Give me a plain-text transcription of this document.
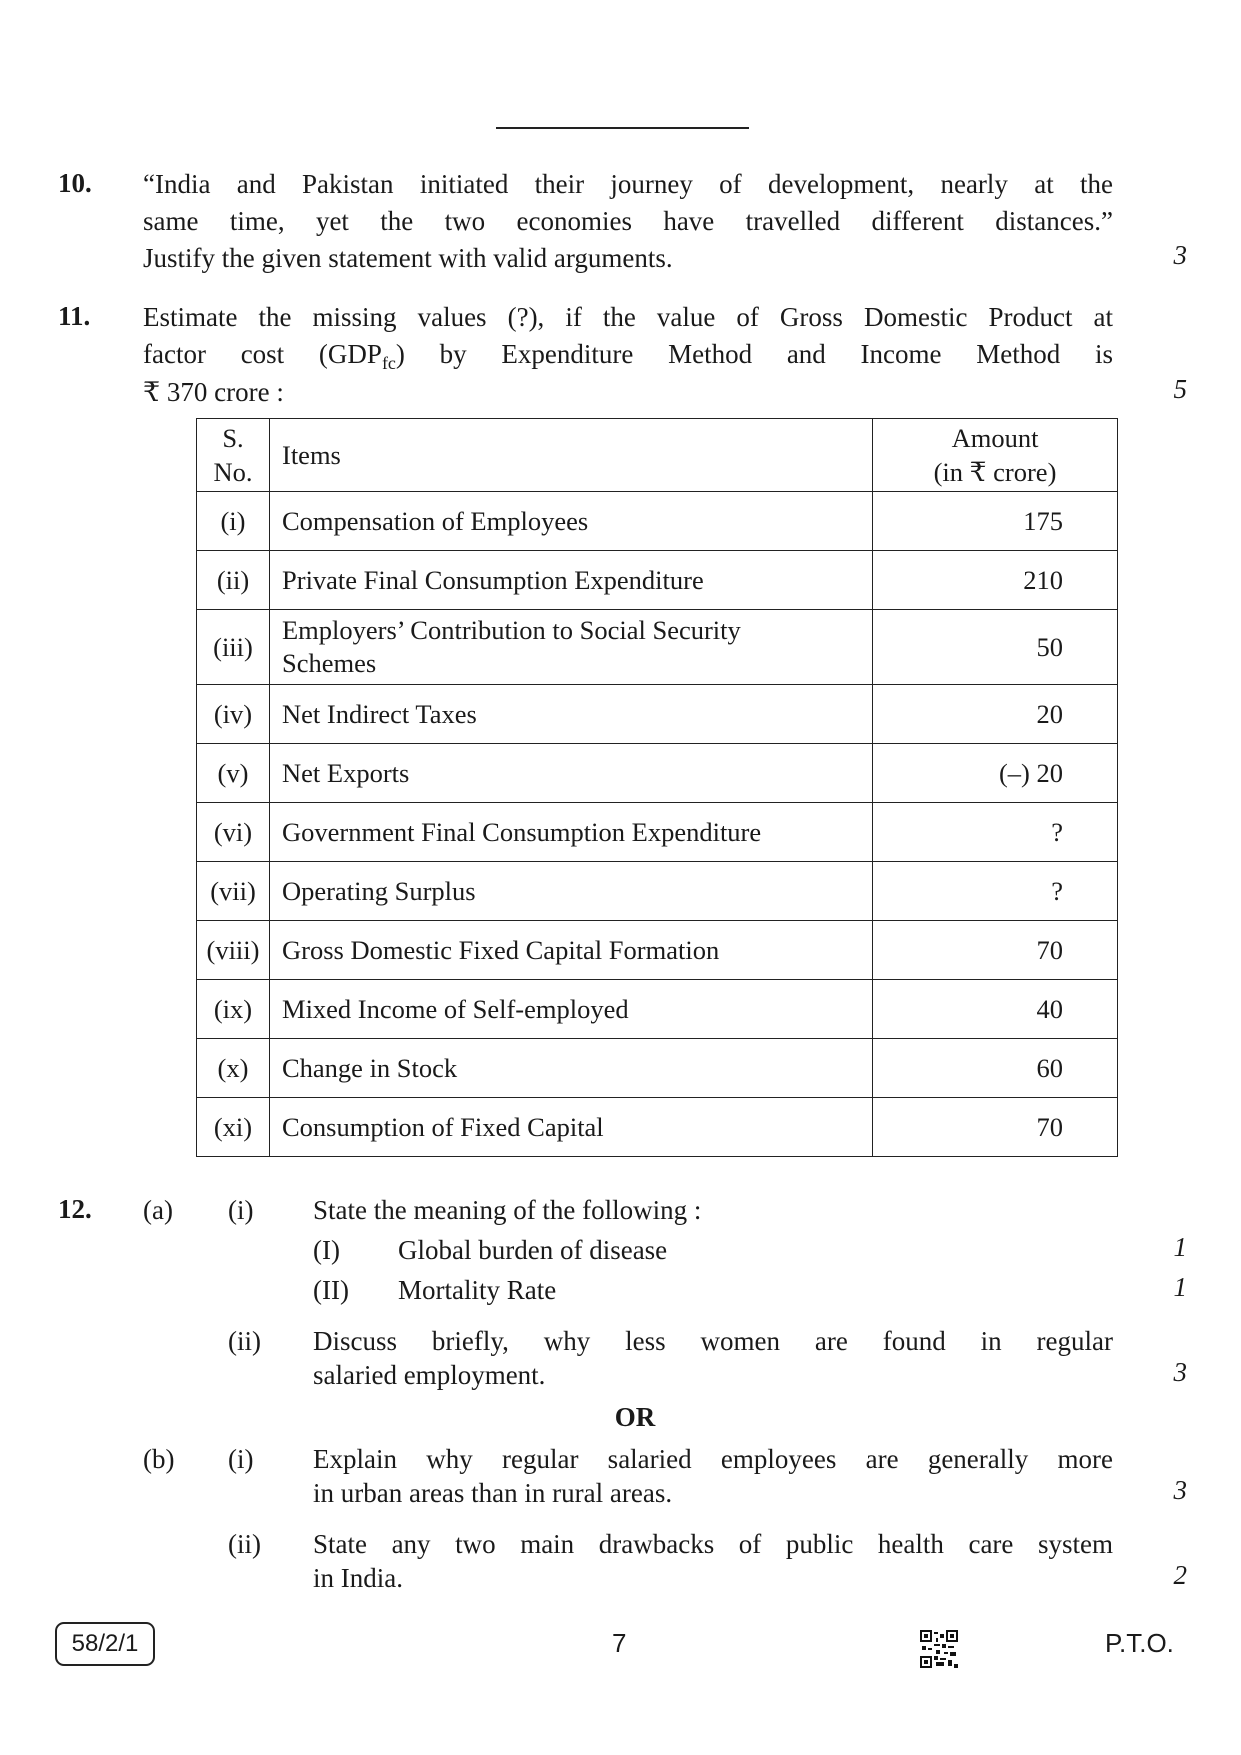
10. “India and Pakistan initiated their journey of development, nearly at the
same time, yet the two economies have travelled different distances.”
Justify the given statement with valid arguments.	3
11. Estimate the missing values (?), if the value of Gross Domestic Product at
factor cost $(GDP_{fc})$ by Expenditure Method and Income Method is
₹ 370 crore :	5
S.
No.	Items	Amount
(in ₹ crore)
(i)	Compensation of Employees	175
(ii)	Private Final Consumption Expenditure	210
(iii)	Employers’ Contribution to Social Security
Schemes	50
(iv)	Net Indirect Taxes	20
(v)	Net Exports	(–) 20
(vi)	Government Final Consumption Expenditure	?
(vii)	Operating Surplus	?
(viii)	Gross Domestic Fixed Capital Formation	70
(ix)	Mixed Income of Self-employed	40
(x)	Change in Stock	60
(xi)	Consumption of Fixed Capital	70
12. (a) (i) State the meaning of the following :
(I) Global burden of disease	1
(II) Mortality Rate	1
(ii) Discuss briefly, why less women are found in regular
salaried employment.	3
OR
(b) (i) Explain why regular salaried employees are generally more
in urban areas than in rural areas.	3
(ii) State any two main drawbacks of public health care system
in India.	2
58/2/1	7	P.T.O.
